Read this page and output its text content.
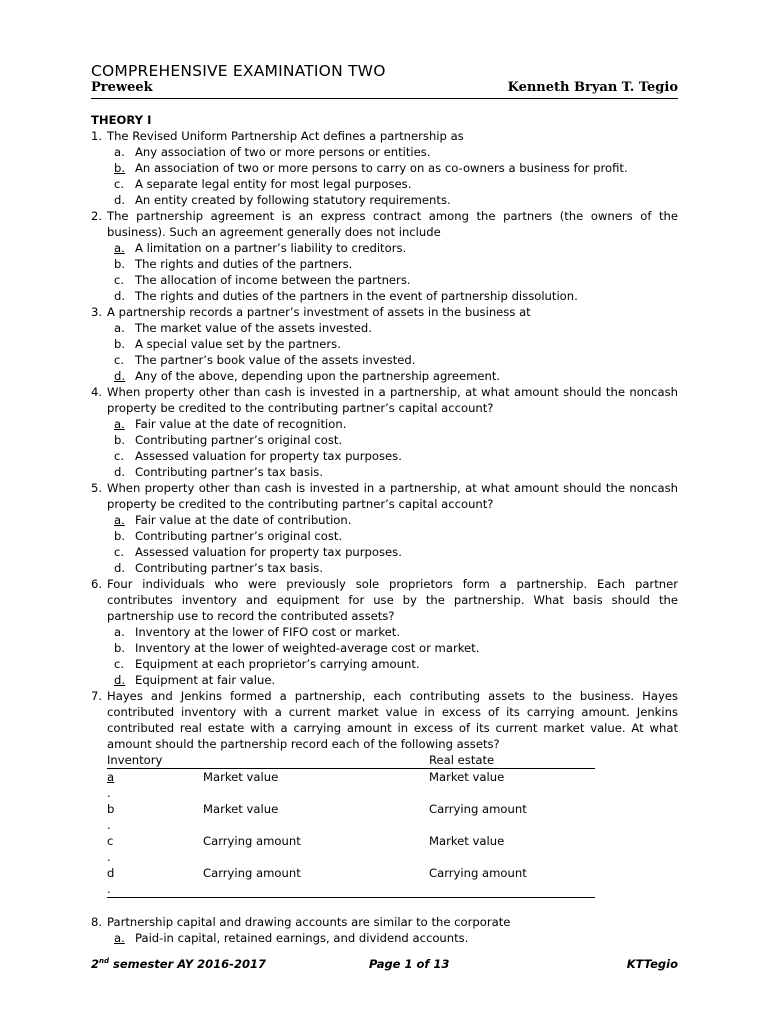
COMPREHENSIVE EXAMINATION TWO
Preweek	Kenneth Bryan T. Tegio
THEORY I
1. The Revised Uniform Partnership Act defines a partnership as
a. Any association of two or more persons or entities.
b. An association of two or more persons to carry on as co-owners a business for profit.
c. A separate legal entity for most legal purposes.
d. An entity created by following statutory requirements.
2. The partnership agreement is an express contract among the partners (the owners of the business). Such an agreement generally does not include
a. A limitation on a partner’s liability to creditors.
b. The rights and duties of the partners.
c. The allocation of income between the partners.
d. The rights and duties of the partners in the event of partnership dissolution.
3. A partnership records a partner’s investment of assets in the business at
a. The market value of the assets invested.
b. A special value set by the partners.
c. The partner’s book value of the assets invested.
d. Any of the above, depending upon the partnership agreement.
4. When property other than cash is invested in a partnership, at what amount should the noncash property be credited to the contributing partner’s capital account?
a. Fair value at the date of recognition.
b. Contributing partner’s original cost.
c. Assessed valuation for property tax purposes.
d. Contributing partner’s tax basis.
5. When property other than cash is invested in a partnership, at what amount should the noncash property be credited to the contributing partner’s capital account?
a. Fair value at the date of contribution.
b. Contributing partner’s original cost.
c. Assessed valuation for property tax purposes.
d. Contributing partner’s tax basis.
6. Four individuals who were previously sole proprietors form a partnership. Each partner contributes inventory and equipment for use by the partnership. What basis should the partnership use to record the contributed assets?
a. Inventory at the lower of FIFO cost or market.
b. Inventory at the lower of weighted-average cost or market.
c. Equipment at each proprietor’s carrying amount.
d. Equipment at fair value.
7. Hayes and Jenkins formed a partnership, each contributing assets to the business. Hayes contributed inventory with a current market value in excess of its carrying amount. Jenkins contributed real estate with a carrying amount in excess of its current market value. At what amount should the partnership record each of the following assets?
Inventory		Real estate
a
.	Market value	Market value
b
.	Market value	Carrying amount
c
.	Carrying amount	Market value
d
.	Carrying amount	Carrying amount
8. Partnership capital and drawing accounts are similar to the corporate
a. Paid-in capital, retained earnings, and dividend accounts.
2nd semester AY 2016-2017	Page 1 of 13	KTTegio
